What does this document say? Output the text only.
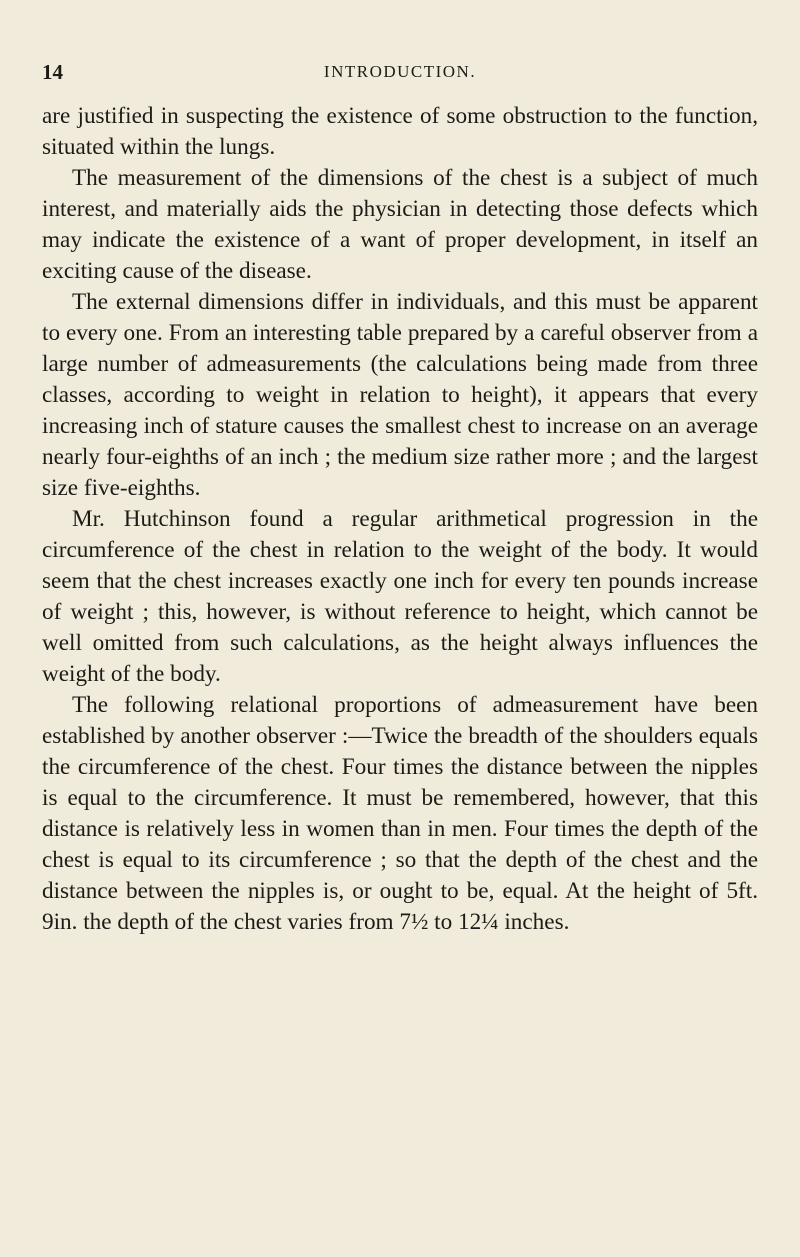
14	INTRODUCTION.

are justified in suspecting the existence of some obstruction to the function, situated within the lungs.

The measurement of the dimensions of the chest is a subject of much interest, and materially aids the physician in detecting those defects which may indicate the existence of a want of proper development, in itself an exciting cause of the disease.

The external dimensions differ in individuals, and this must be apparent to every one. From an interesting table prepared by a careful observer from a large number of admeasurements (the calculations being made from three classes, according to weight in relation to height), it appears that every increasing inch of stature causes the smallest chest to increase on an average nearly four-eighths of an inch ; the medium size rather more ; and the largest size five-eighths.

Mr. Hutchinson found a regular arithmetical progression in the circumference of the chest in relation to the weight of the body. It would seem that the chest increases exactly one inch for every ten pounds increase of weight ; this, however, is without reference to height, which cannot be well omitted from such calculations, as the height always influences the weight of the body.

The following relational proportions of admeasurement have been established by another observer :—Twice the breadth of the shoulders equals the circumference of the chest. Four times the distance between the nipples is equal to the circumference. It must be remembered, however, that this distance is relatively less in women than in men. Four times the depth of the chest is equal to its circumference ; so that the depth of the chest and the distance between the nipples is, or ought to be, equal. At the height of 5ft. 9in. the depth of the chest varies from 7½ to 12¼ inches.
